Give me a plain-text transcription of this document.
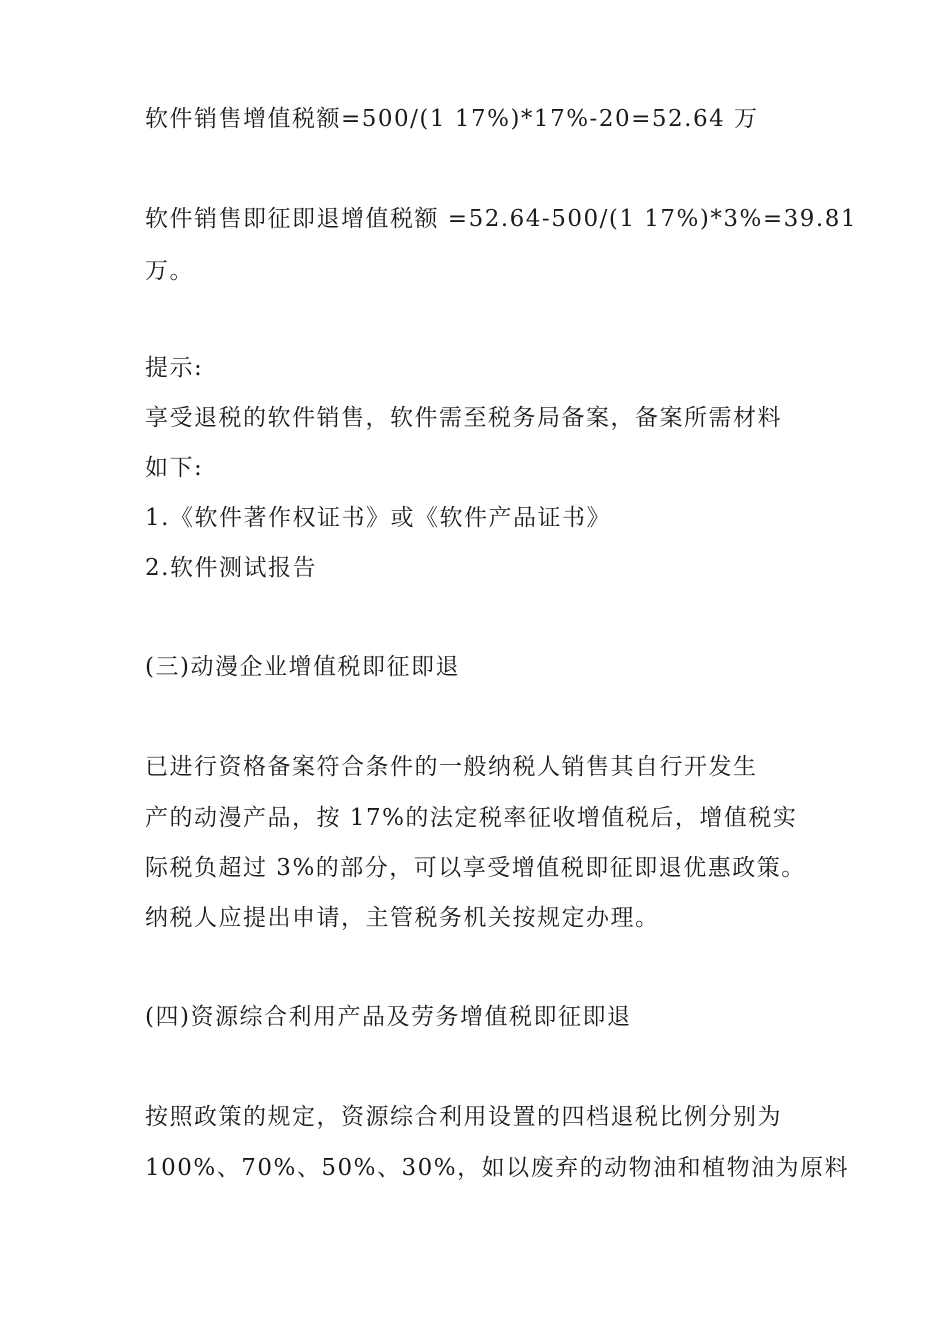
软件销售增值税额=500/(1 17%)*17%-20=52.64 万
软件销售即征即退增值税额 =52.64-500/(1 17%)*3%=39.81
万。
提示:
享受退税的软件销售，软件需至税务局备案，备案所需材料
如下:
1.《软件著作权证书》或《软件产品证书》
2.软件测试报告
(三)动漫企业增值税即征即退
已进行资格备案符合条件的一般纳税人销售其自行开发生
产的动漫产品，按 17%的法定税率征收增值税后，增值税实
际税负超过 3%的部分，可以享受增值税即征即退优惠政策。
纳税人应提出申请，主管税务机关按规定办理。
(四)资源综合利用产品及劳务增值税即征即退
按照政策的规定，资源综合利用设置的四档退税比例分别为
100%、70%、50%、30%，如以废弃的动物油和植物油为原料
